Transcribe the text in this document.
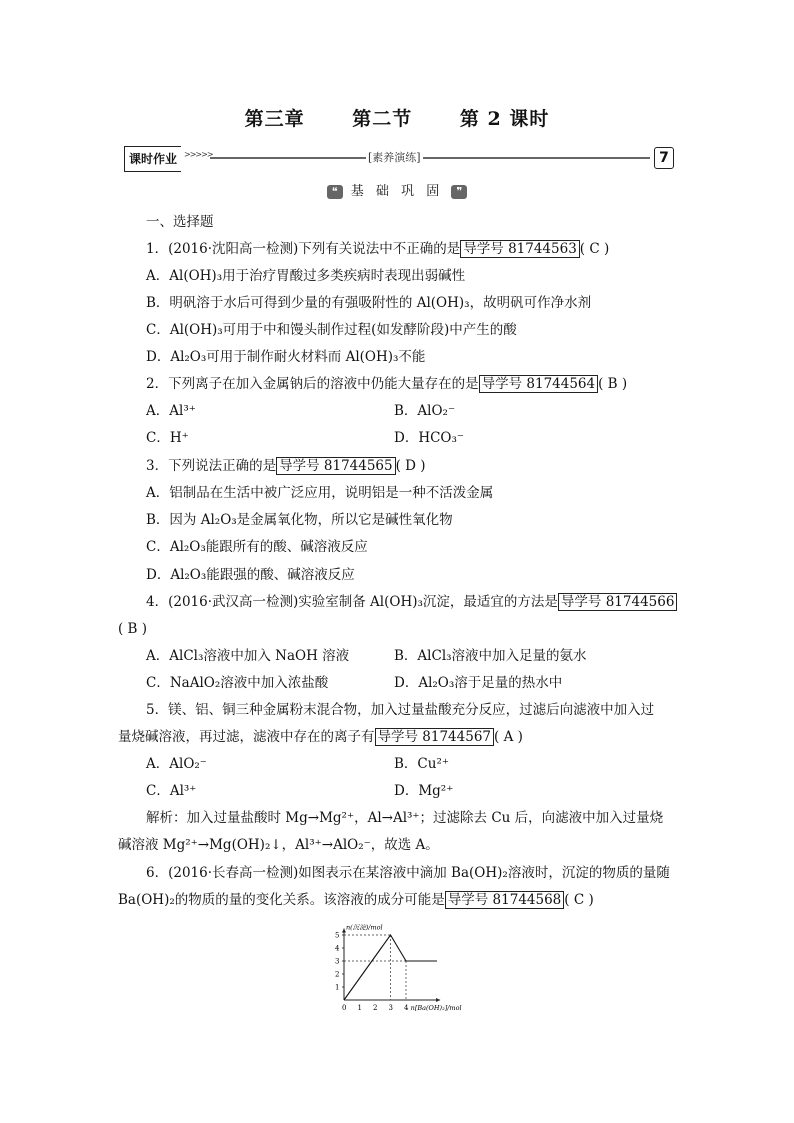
第三章	第二节	第 2 课时
课时作业 >>>>>	[素养演练]	7
❝ 基 础 巩 固 ❞
一、选择题
1．(2016·沈阳高一检测)下列有关说法中不正确的是 导学号 81744563 ( C )
A．Al(OH)₃用于治疗胃酸过多类疾病时表现出弱碱性
B．明矾溶于水后可得到少量的有强吸附性的 Al(OH)₃，故明矾可作净水剂
C．Al(OH)₃可用于中和馒头制作过程(如发酵阶段)中产生的酸
D．Al₂O₃可用于制作耐火材料而 Al(OH)₃不能
2．下列离子在加入金属钠后的溶液中仍能大量存在的是 导学号 81744564 ( B )
A．Al³⁺	B．AlO₂⁻
C．H⁺	D．HCO₃⁻
3．下列说法正确的是 导学号 81744565 ( D )
A．铝制品在生活中被广泛应用，说明铝是一种不活泼金属
B．因为 Al₂O₃是金属氧化物，所以它是碱性氧化物
C．Al₂O₃能跟所有的酸、碱溶液反应
D．Al₂O₃能跟强的酸、碱溶液反应
4．(2016·武汉高一检测)实验室制备 Al(OH)₃沉淀，最适宜的方法是 导学号 81744566
( B )
A．AlCl₃溶液中加入 NaOH 溶液	B．AlCl₃溶液中加入足量的氨水
C．NaAlO₂溶液中加入浓盐酸	D．Al₂O₃溶于足量的热水中
5．镁、铝、铜三种金属粉末混合物，加入过量盐酸充分反应，过滤后向滤液中加入过
量烧碱溶液，再过滤，滤液中存在的离子有 导学号 81744567 ( A )
A．AlO₂⁻	B．Cu²⁺
C．Al³⁺	D．Mg²⁺
解析：加入过量盐酸时 Mg→Mg²⁺，Al→Al³⁺；过滤除去 Cu 后，向滤液中加入过量烧
碱溶液 Mg²⁺→Mg(OH)₂↓，Al³⁺→AlO₂⁻，故选 A。
6．(2016·长春高一检测)如图表示在某溶液中滴加 Ba(OH)₂溶液时，沉淀的物质的量随
Ba(OH)₂的物质的量的变化关系。该溶液的成分可能是 导学号 81744568 ( C )
n(沉淀)/mol
n[Ba(OH)₂]/mol
0 1 2 3 4
1
2
3
4
5
